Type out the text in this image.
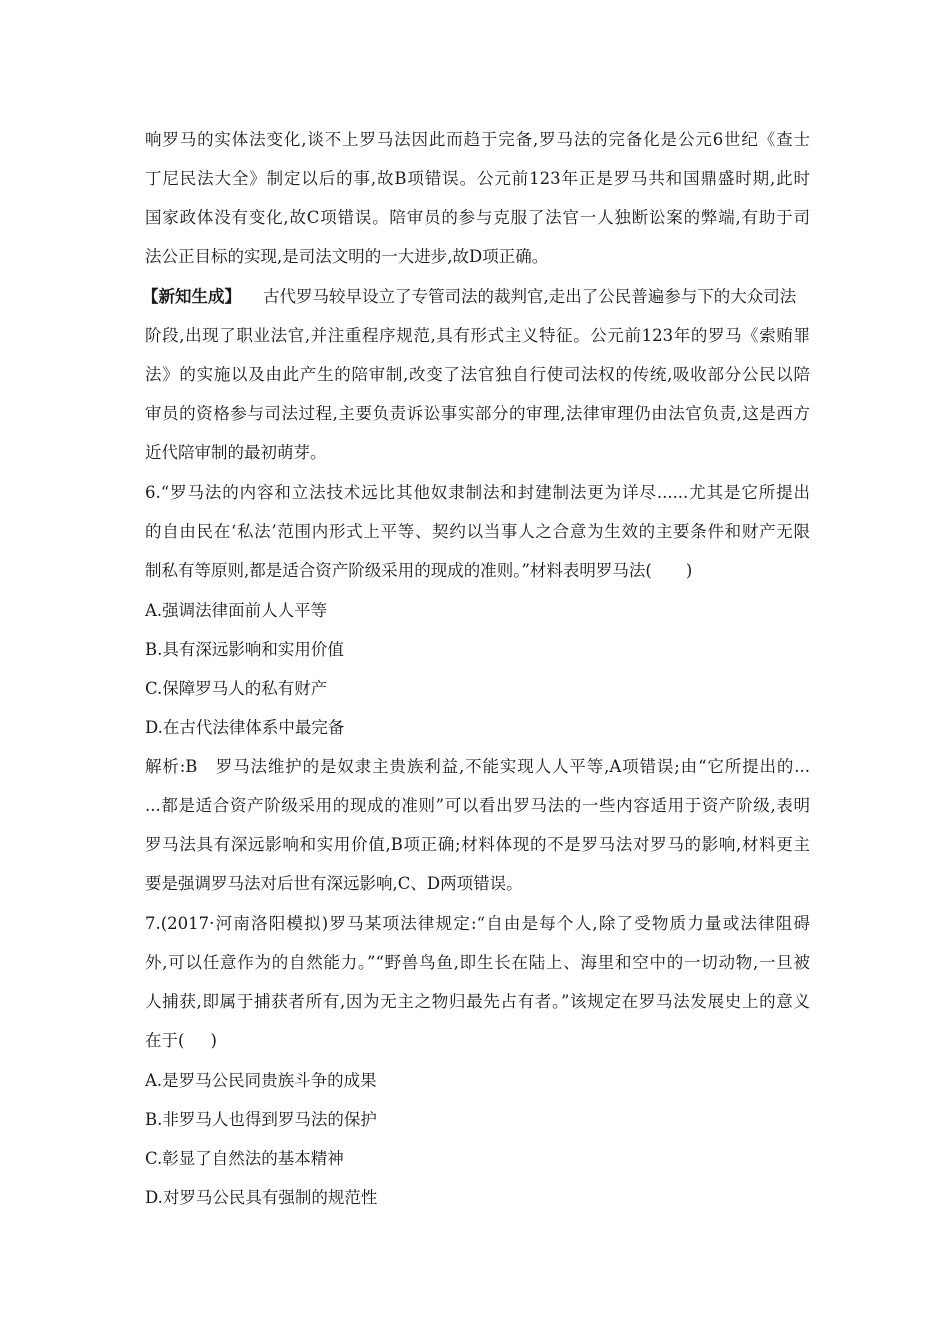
响罗马的实体法变化,谈不上罗马法因此而趋于完备,罗马法的完备化是公元6世纪《查士
丁尼民法大全》制定以后的事,故B项错误。公元前123年正是罗马共和国鼎盛时期,此时
国家政体没有变化,故C项错误。陪审员的参与克服了法官一人独断讼案的弊端,有助于司
法公正目标的实现,是司法文明的一大进步,故D项正确。
【新知生成】 古代罗马较早设立了专管司法的裁判官,走出了公民普遍参与下的大众司法
阶段,出现了职业法官,并注重程序规范,具有形式主义特征。公元前123年的罗马《索贿罪
法》的实施以及由此产生的陪审制,改变了法官独自行使司法权的传统,吸收部分公民以陪
审员的资格参与司法过程,主要负责诉讼事实部分的审理,法律审理仍由法官负责,这是西方
近代陪审制的最初萌芽。
6.“罗马法的内容和立法技术远比其他奴隶制法和封建制法更为详尽......尤其是它所提出
的自由民在‘私法’范围内形式上平等、契约以当事人之合意为生效的主要条件和财产无限
制私有等原则,都是适合资产阶级采用的现成的准则。”材料表明罗马法( )
A.强调法律面前人人平等
B.具有深远影响和实用价值
C.保障罗马人的私有财产
D.在古代法律体系中最完备
解析:B　罗马法维护的是奴隶主贵族利益,不能实现人人平等,A项错误;由“它所提出的...
...都是适合资产阶级采用的现成的准则”可以看出罗马法的一些内容适用于资产阶级,表明
罗马法具有深远影响和实用价值,B项正确;材料体现的不是罗马法对罗马的影响,材料更主
要是强调罗马法对后世有深远影响,C、D两项错误。
7.(2017·河南洛阳模拟)罗马某项法律规定:“自由是每个人,除了受物质力量或法律阻碍
外,可以任意作为的自然能力。”“野兽鸟鱼,即生长在陆上、海里和空中的一切动物,一旦被
人捕获,即属于捕获者所有,因为无主之物归最先占有者。”该规定在罗马法发展史上的意义
在于( )
A.是罗马公民同贵族斗争的成果
B.非罗马人也得到罗马法的保护
C.彰显了自然法的基本精神
D.对罗马公民具有强制的规范性
